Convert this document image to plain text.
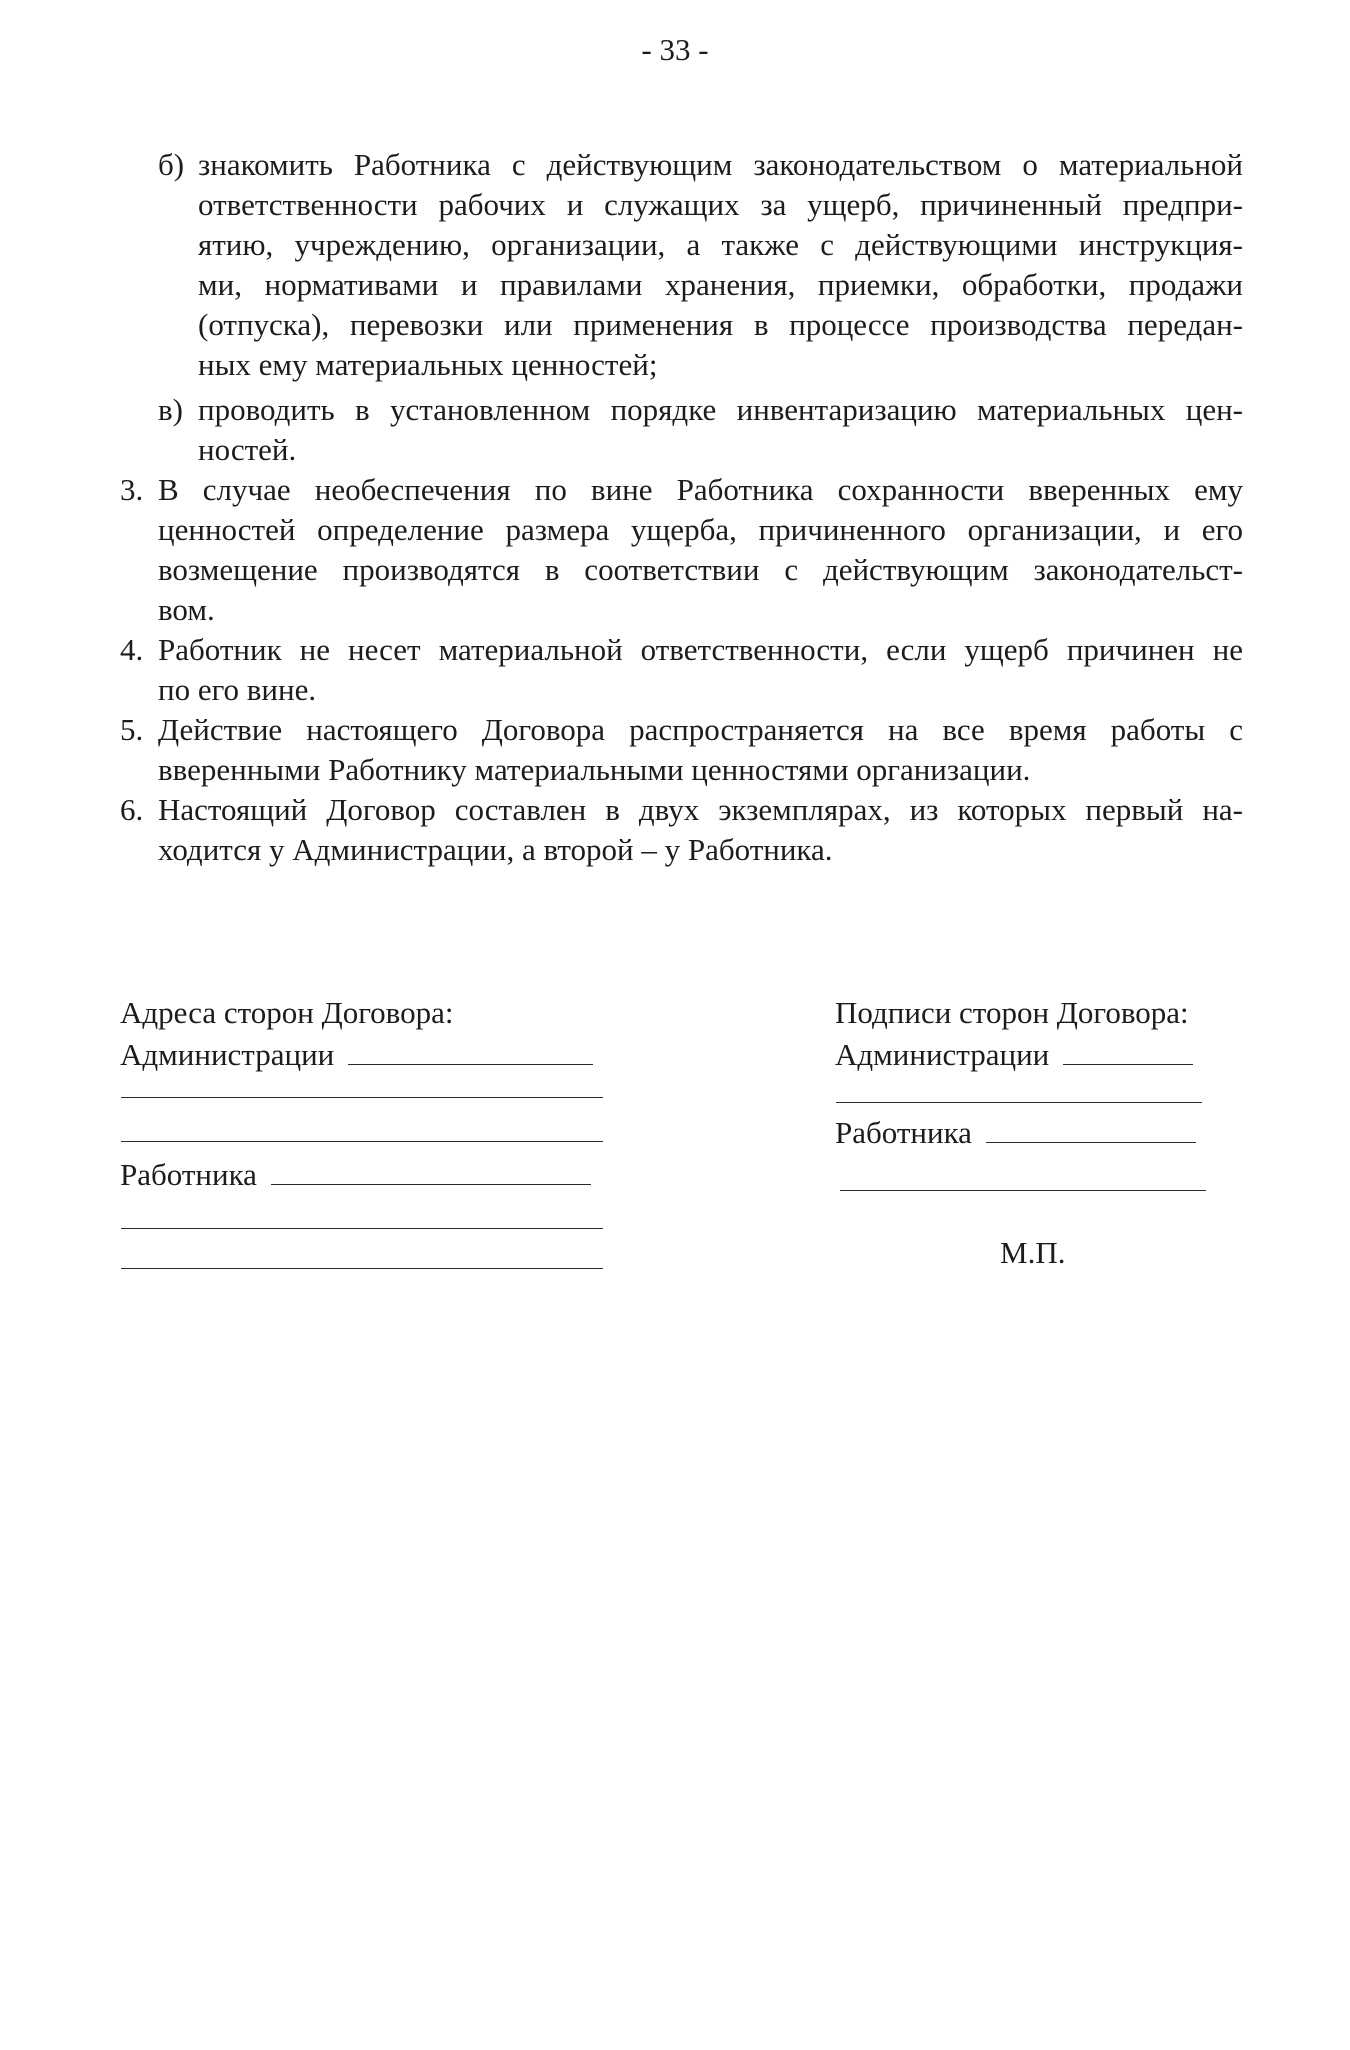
- 33 -
б) знакомить Работника с действующим законодательством о материальной
ответственности рабочих и служащих за ущерб, причиненный предпри-
ятию, учреждению, организации, а также с действующими инструкция-
ми, нормативами и правилами хранения, приемки, обработки, продажи
(отпуска), перевозки или применения в процессе производства передан-
ных ему материальных ценностей;
в) проводить в установленном порядке инвентаризацию материальных цен-
ностей.
3. В случае необеспечения по вине Работника сохранности вверенных ему
ценностей определение размера ущерба, причиненного организации, и его
возмещение производятся в соответствии с действующим законодательст-
вом.
4. Работник не несет материальной ответственности, если ущерб причинен не
по его вине.
5. Действие настоящего Договора распространяется на все время работы с
вверенными Работнику материальными ценностями организации.
6. Настоящий Договор составлен в двух экземплярах, из которых первый на-
ходится у Администрации, а второй – у Работника.
Адреса сторон Договора:
Администрации
Работника
Подписи сторон Договора:
Администрации
Работника
М.П.
